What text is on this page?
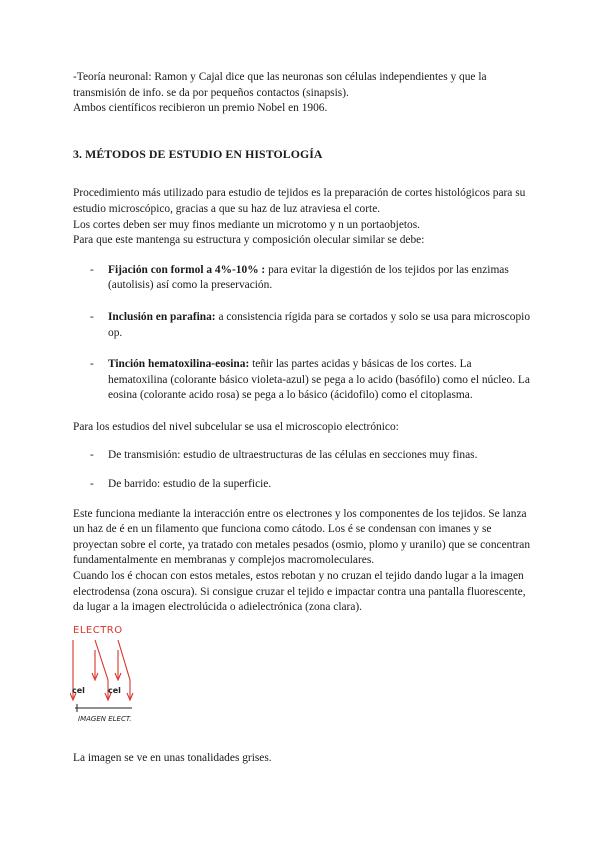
-Teoría neuronal: Ramon y Cajal dice que las neuronas son células independientes y que la transmisión de info. se da por pequeños contactos (sinapsis).

Ambos científicos recibieron un premio Nobel en 1906.

3. MÉTODOS DE ESTUDIO EN HISTOLOGÍA

Procedimiento más utilizado para estudio de tejidos es la preparación de cortes histológicos para su estudio microscópico, gracias a que su haz de luz atraviesa el corte.

Los cortes deben ser muy finos mediante un microtomo y n un portaobjetos.

Para que este mantenga su estructura y composición olecular similar se debe:

- Fijación con formol a 4%-10% : para evitar la digestión de los tejidos por las enzimas (autolisis) así como la preservación.
- Inclusión en parafina: a consistencia rígida para se cortados y solo se usa para microscopio op.
- Tinción hematoxilina-eosina: teñir las partes acidas y básicas de los cortes. La hematoxilina (colorante básico violeta-azul) se pega a lo acido (basófilo) como el núcleo. La eosina (colorante acido rosa) se pega a lo básico (ácidofilo) como el citoplasma.

Para los estudios del nivel subcelular se usa el microscopio electrónico:

- De transmisión: estudio de ultraestructuras de las células en secciones muy finas.
- De barrido: estudio de la superficie.

Este funciona mediante la interacción entre os electrones y los componentes de los tejidos. Se lanza un haz de é en un filamento que funciona como cátodo. Los é se condensan con imanes y se proyectan sobre el corte, ya tratado con metales pesados (osmio, plomo y uranilo) que se concentran fundamentalmente en membranas y complejos macromoleculares.

Cuando los é chocan con estos metales, estos rebotan y no cruzan el tejido dando lugar a la imagen electrodensa (zona oscura). Si consigue cruzar el tejido e impactar contra una pantalla fluorescente, da lugar a la imagen electrolúcida o adielectrónica (zona clara).

ELECTRO
cel	cel
IMAGEN ELECT.

La imagen se ve en unas tonalidades grises.
